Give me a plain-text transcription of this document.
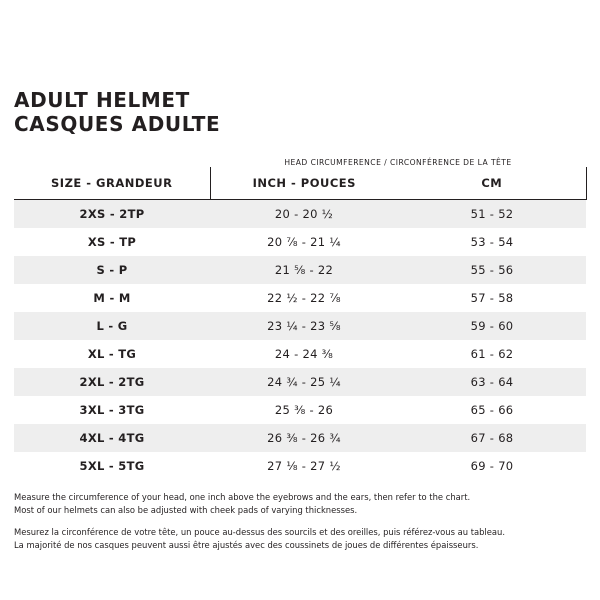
ADULT HELMET
CASQUES ADULTE
	HEAD CIRCUMFERENCE / CIRCONFÉRENCE DE LA TÊTE	
SIZE - GRANDEUR	INCH - POUCES	CM
2XS - 2TP	20 - 20 ½	51 - 52
XS - TP	20 ⅞ - 21 ¼	53 - 54
S - P	21 ⅝ - 22	55 - 56
M - M	22 ½ - 22 ⅞	57 - 58
L - G	23 ¼ - 23 ⅝	59 - 60
XL - TG	24 - 24 ⅜	61 - 62
2XL - 2TG	24 ¾ - 25 ¼	63 - 64
3XL - 3TG	25 ⅜ - 26	65 - 66
4XL - 4TG	26 ⅜ - 26 ¾	67 - 68
5XL - 5TG	27 ⅛ - 27 ½	69 - 70

Measure the circumference of your head, one inch above the eyebrows and the ears, then refer to the chart.

Most of our helmets can also be adjusted with cheek pads of varying thicknesses.

Mesurez la circonférence de votre tête, un pouce au-dessus des sourcils et des oreilles, puis référez-vous au tableau.

La majorité de nos casques peuvent aussi être ajustés avec des coussinets de joues de différentes épaisseurs.
